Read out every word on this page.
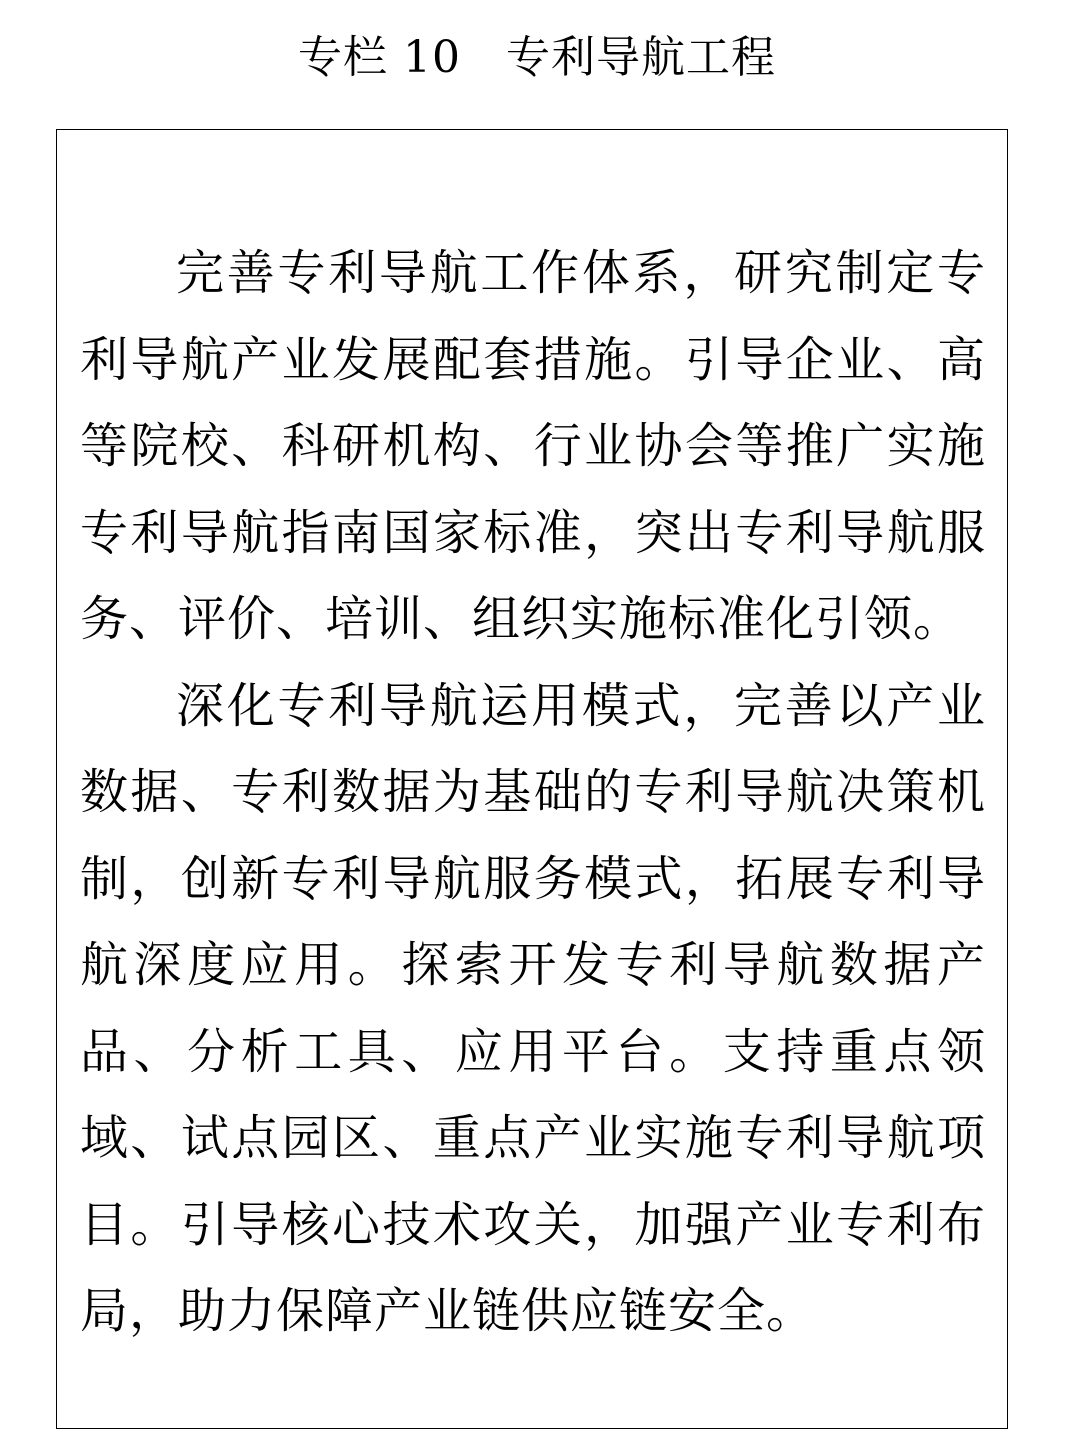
专栏 10　专利导航工程

完善专利导航工作体系，研究制定专利导航产业发展配套措施。引导企业、高等院校、科研机构、行业协会等推广实施专利导航指南国家标准，突出专利导航服务、评价、培训、组织实施标准化引领。

深化专利导航运用模式，完善以产业数据、专利数据为基础的专利导航决策机制，创新专利导航服务模式，拓展专利导航深度应用。探索开发专利导航数据产品、分析工具、应用平台。支持重点领域、试点园区、重点产业实施专利导航项目。引导核心技术攻关，加强产业专利布局，助力保障产业链供应链安全。
